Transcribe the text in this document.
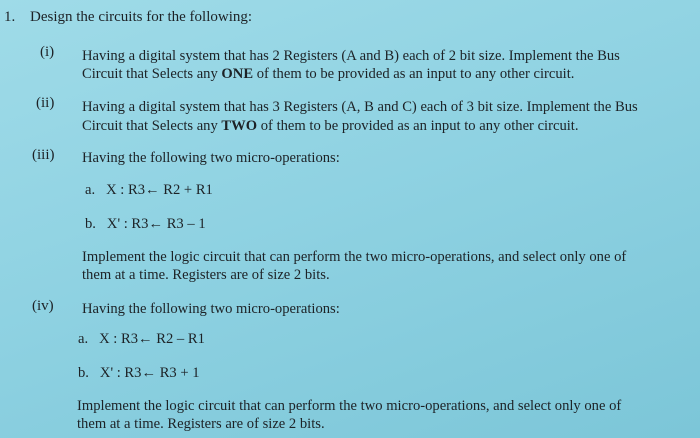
1. Design the circuits for the following:
(i) Having a digital system that has 2 Registers (A and B) each of 2 bit size. Implement the Bus
Circuit that Selects any ONE of them to be provided as an input to any other circuit.
(ii) Having a digital system that has 3 Registers (A, B and C) each of 3 bit size. Implement the Bus
Circuit that Selects any TWO of them to be provided as an input to any other circuit.
(iii) Having the following two micro-operations:
a. X : R3← R2 + R1
b. X' : R3← R3 – 1
Implement the logic circuit that can perform the two micro-operations, and select only one of
them at a time. Registers are of size 2 bits.
(iv) Having the following two micro-operations:
a. X : R3← R2 – R1
b. X' : R3← R3 + 1
Implement the logic circuit that can perform the two micro-operations, and select only one of
them at a time. Registers are of size 2 bits.
